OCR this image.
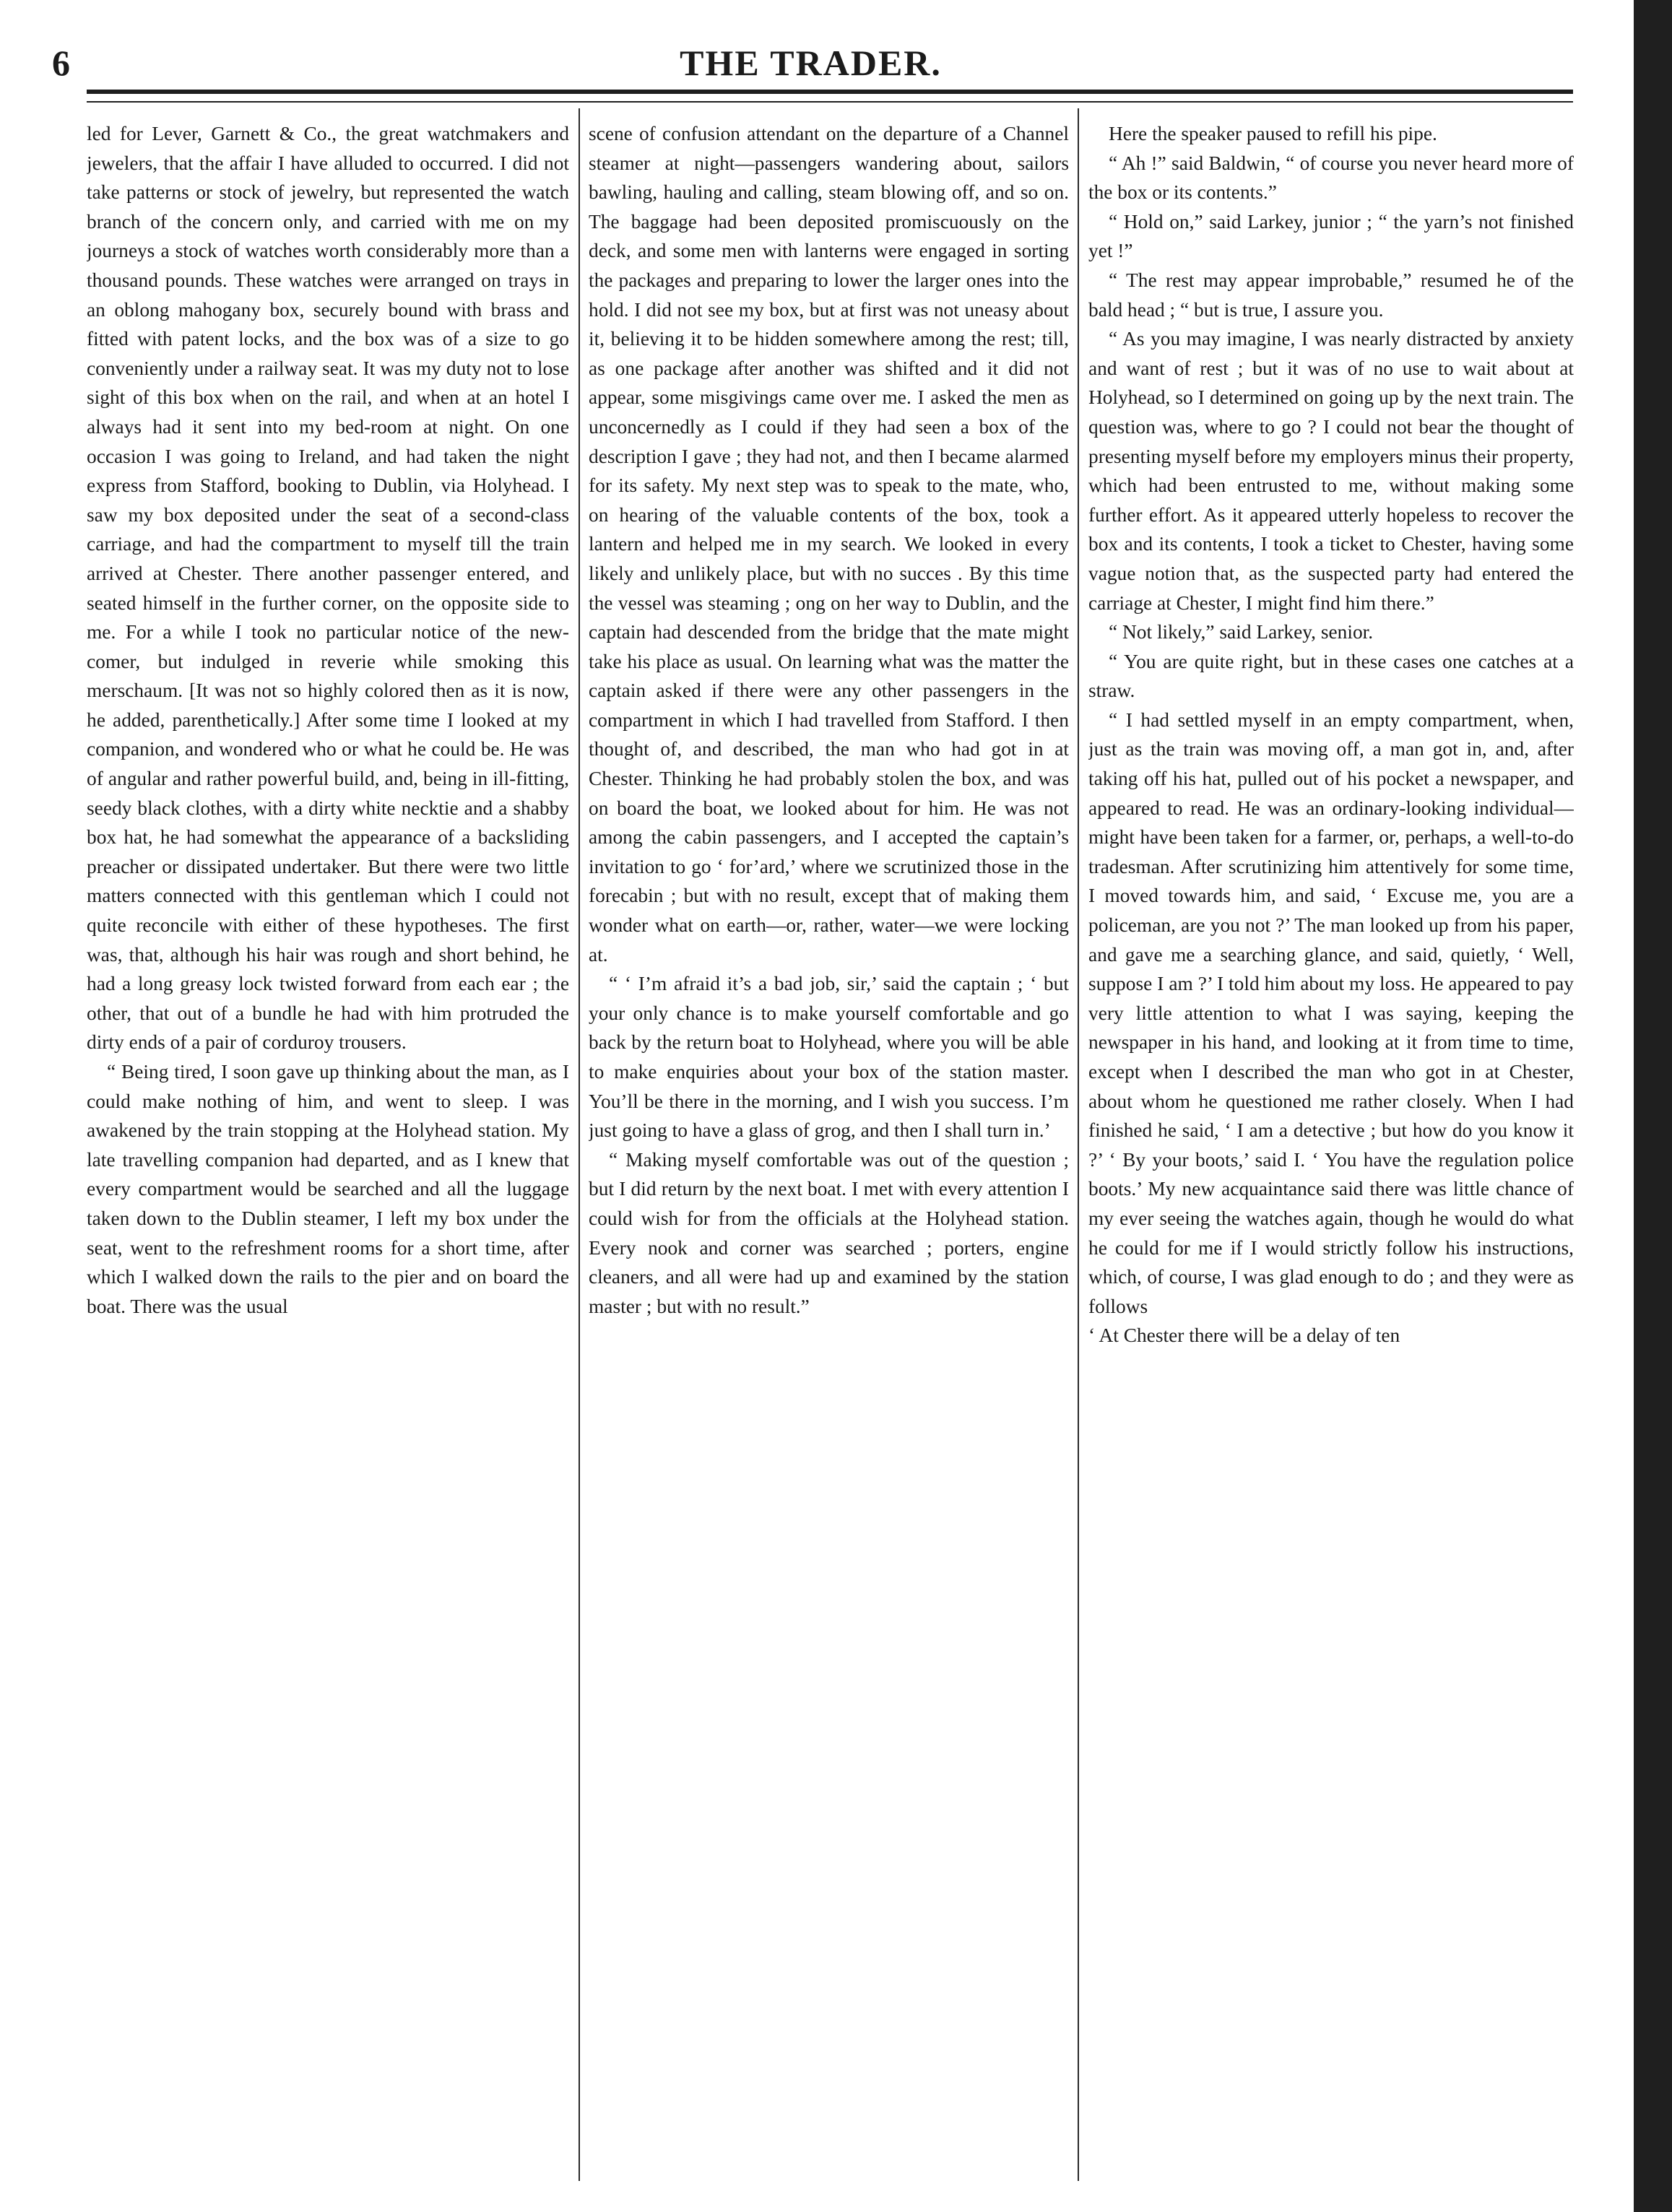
6	THE TRADER.

led for Lever, Garnett & Co., the great watchmakers and jewelers, that the affair I have alluded to occurred. I did not take patterns or stock of jewelry, but represented the watch branch of the concern only, and carried with me on my journeys a stock of watches worth considerably more than a thousand pounds. These watches were arranged on trays in an oblong mahogany box, securely bound with brass and fitted with patent locks, and the box was of a size to go conveniently under a railway seat. It was my duty not to lose sight of this box when on the rail, and when at an hotel I always had it sent into my bed-room at night. On one occasion I was going to Ireland, and had taken the night express from Stafford, booking to Dublin, via Holyhead. I saw my box deposited under the seat of a second-class carriage, and had the compartment to myself till the train arrived at Chester. There another passenger entered, and seated himself in the further corner, on the opposite side to me. For a while I took no particular notice of the new-comer, but indulged in reverie while smoking this merschaum. [It was not so highly colored then as it is now, he added, parenthetically.] After some time I looked at my companion, and wondered who or what he could be. He was of angular and rather powerful build, and, being in ill-fitting, seedy black clothes, with a dirty white necktie and a shabby box hat, he had somewhat the appearance of a backsliding preacher or dissipated undertaker. But there were two little matters connected with this gentleman which I could not quite reconcile with either of these hypotheses. The first was, that, although his hair was rough and short behind, he had a long greasy lock twisted forward from each ear ; the other, that out of a bundle he had with him protruded the dirty ends of a pair of corduroy trousers.

“ Being tired, I soon gave up thinking about the man, as I could make nothing of him, and went to sleep. I was awakened by the train stopping at the Holyhead station. My late travelling companion had departed, and as I knew that every compartment would be searched and all the luggage taken down to the Dublin steamer, I left my box under the seat, went to the refreshment rooms for a short time, after which I walked down the rails to the pier and on board the boat. There was the usual

scene of confusion attendant on the departure of a Channel steamer at night—passengers wandering about, sailors bawling, hauling and calling, steam blowing off, and so on. The baggage had been deposited promiscuously on the deck, and some men with lanterns were engaged in sorting the packages and preparing to lower the larger ones into the hold. I did not see my box, but at first was not uneasy about it, believing it to be hidden somewhere among the rest; till, as one package after another was shifted and it did not appear, some misgivings came over me. I asked the men as unconcernedly as I could if they had seen a box of the description I gave ; they had not, and then I became alarmed for its safety. My next step was to speak to the mate, who, on hearing of the valuable contents of the box, took a lantern and helped me in my search. We looked in every likely and unlikely place, but with no succes . By this time the vessel was steaming ; ong on her way to Dublin, and the captain had descended from the bridge that the mate might take his place as usual. On learning what was the matter the captain asked if there were any other passengers in the compartment in which I had travelled from Stafford. I then thought of, and described, the man who had got in at Chester. Thinking he had probably stolen the box, and was on board the boat, we looked about for him. He was not among the cabin passengers, and I accepted the captain’s invitation to go ‘ for’ard,’ where we scrutinized those in the forecabin ; but with no result, except that of making them wonder what on earth—or, rather, water—we were locking at.

“ ‘ I’m afraid it’s a bad job, sir,’ said the captain ; ‘ but your only chance is to make yourself comfortable and go back by the return boat to Holyhead, where you will be able to make enquiries about your box of the station master. You’ll be there in the morning, and I wish you success. I’m just going to have a glass of grog, and then I shall turn in.’

“ Making myself comfortable was out of the question ; but I did return by the next boat. I met with every attention I could wish for from the officials at the Holyhead station. Every nook and corner was searched ; porters, engine cleaners, and all were had up and examined by the station master ; but with no result.”

Here the speaker paused to refill his pipe.

“ Ah !” said Baldwin, “ of course you never heard more of the box or its contents.”

“ Hold on,” said Larkey, junior ; “ the yarn’s not finished yet !”

“ The rest may appear improbable,” resumed he of the bald head ; “ but is true, I assure you.

“ As you may imagine, I was nearly distracted by anxiety and want of rest ; but it was of no use to wait about at Holyhead, so I determined on going up by the next train. The question was, where to go ? I could not bear the thought of presenting myself before my employers minus their property, which had been entrusted to me, without making some further effort. As it appeared utterly hopeless to recover the box and its contents, I took a ticket to Chester, having some vague notion that, as the suspected party had entered the carriage at Chester, I might find him there.”

“ Not likely,” said Larkey, senior.

“ You are quite right, but in these cases one catches at a straw.

“ I had settled myself in an empty compartment, when, just as the train was moving off, a man got in, and, after taking off his hat, pulled out of his pocket a newspaper, and appeared to read. He was an ordinary-looking individual—might have been taken for a farmer, or, perhaps, a well-to-do tradesman. After scrutinizing him attentively for some time, I moved towards him, and said, ‘ Excuse me, you are a policeman, are you not ?’ The man looked up from his paper, and gave me a searching glance, and said, quietly, ‘ Well, suppose I am ?’ I told him about my loss. He appeared to pay very little attention to what I was saying, keeping the newspaper in his hand, and looking at it from time to time, except when I described the man who got in at Chester, about whom he questioned me rather closely. When I had finished he said, ‘ I am a detective ; but how do you know it ?’ ‘ By your boots,’ said I. ‘ You have the regulation police boots.’ My new acquaintance said there was little chance of my ever seeing the watches again, though he would do what he could for me if I would strictly follow his instructions, which, of course, I was glad enough to do ; and they were as follows

‘ At Chester there will be a delay of ten
